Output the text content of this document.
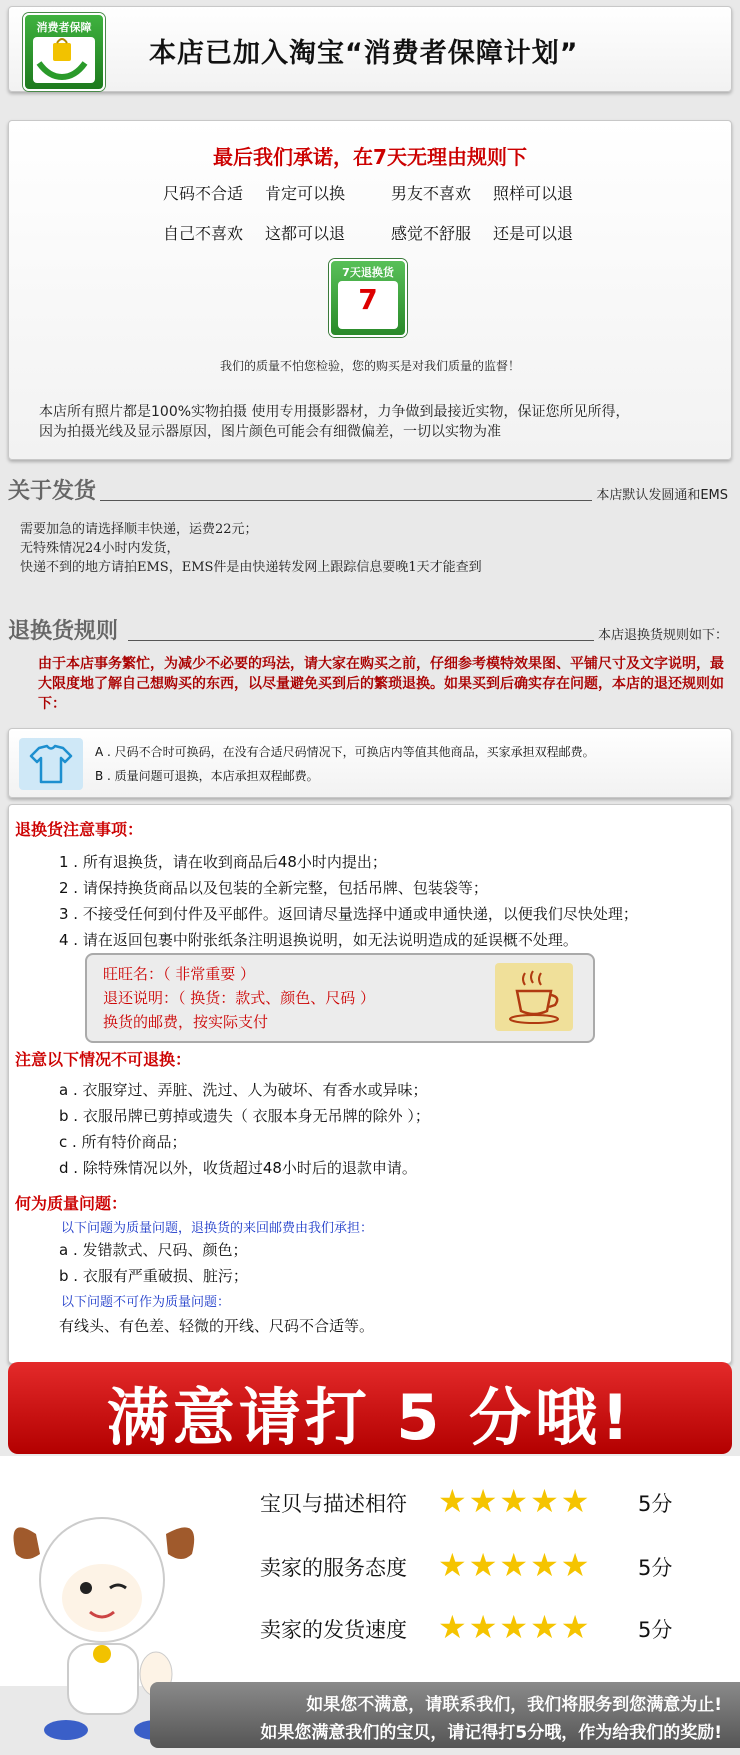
消费者保障
本店已加入淘宝“消费者保障计划”
最后我们承诺，在7天无理由规则下
尺码不合适 肯定可以换	男友不喜欢 照样可以退
自己不喜欢 这都可以退	感觉不舒服 还是可以退
7天退换货
7
我们的质量不怕您检验，您的购买是对我们质量的监督！
本店所有照片都是100%实物拍摄 使用专用摄影器材，力争做到最接近实物，保证您所见所得，
因为拍摄光线及显示器原因，图片颜色可能会有细微偏差，一切以实物为准
关于发货	本店默认发圆通和EMS
需要加急的请选择顺丰快递，运费22元；
无特殊情况24小时内发货，
快递不到的地方请拍EMS，EMS件是由快递转发网上跟踪信息要晚1天才能查到
退换货规则	本店退换货规则如下：
由于本店事务繁忙，为减少不必要的玛法，请大家在购买之前，仔细参考模特效果图、平铺尺寸及文字说明，最大限度地了解自己想购买的东西，以尽量避免买到后的繁琐退换。如果买到后确实存在问题，本店的退还规则如下：
A . 尺码不合时可换码，在没有合适尺码情况下，可换店内等值其他商品，买家承担双程邮费。
B . 质量问题可退换，本店承担双程邮费。
退换货注意事项：
1 . 所有退换货，请在收到商品后48小时内提出；
2 . 请保持换货商品以及包装的全新完整，包括吊牌、包装袋等；
3 . 不接受任何到付件及平邮件。返回请尽量选择中通或申通快递，以便我们尽快处理；
4 . 请在返回包裹中附张纸条注明退换说明，如无法说明造成的延误概不处理。
旺旺名：（ 非常重要 ）
退还说明：（ 换货：款式、颜色、尺码 ）
换货的邮费，按实际支付
注意以下情况不可退换：
a . 衣服穿过、弄脏、洗过、人为破坏、有香水或异味；
b . 衣服吊牌已剪掉或遗失（ 衣服本身无吊牌的除外 ）；
c . 所有特价商品；
d . 除特殊情况以外，收货超过48小时后的退款申请。
何为质量问题：
以下问题为质量问题，退换货的来回邮费由我们承担：
a . 发错款式、尺码、颜色；
b . 衣服有严重破损、脏污；
以下问题不可作为质量问题：
有线头、有色差、轻微的开线、尺码不合适等。
满意请打 5 分哦!
宝贝与描述相符 ★★★★★ 5分
卖家的服务态度 ★★★★★ 5分
卖家的发货速度 ★★★★★ 5分
如果您不满意，请联系我们，我们将服务到您满意为止!
如果您满意我们的宝贝，请记得打5分哦，作为给我们的奖励!
